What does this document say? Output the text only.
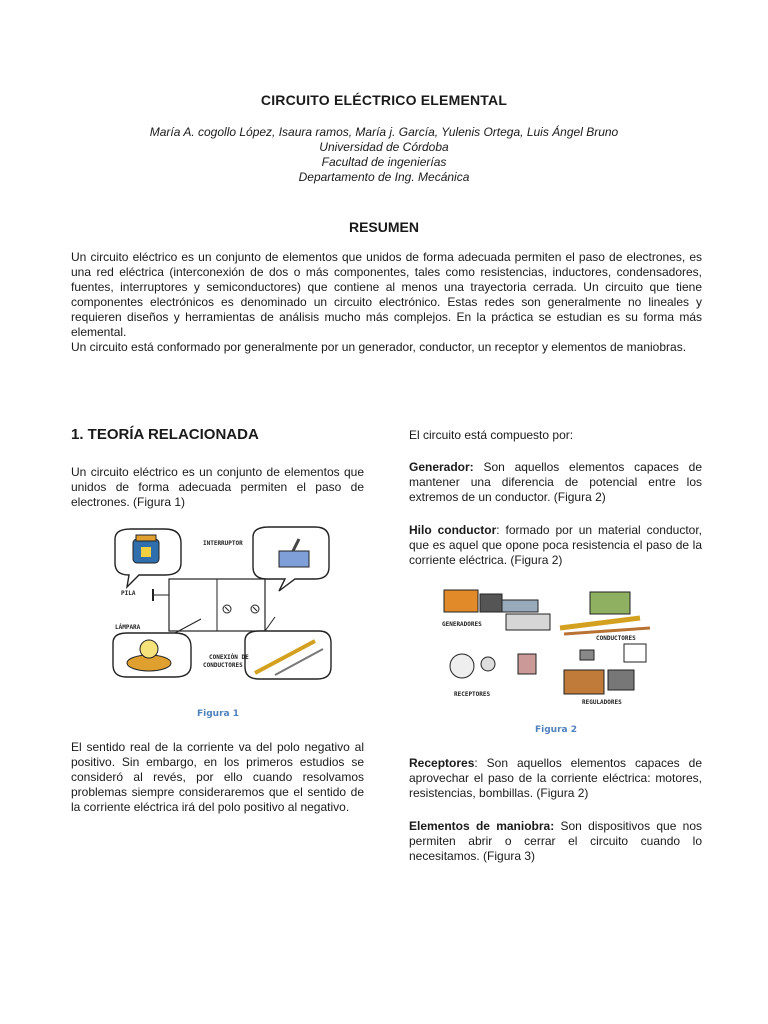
CIRCUITO ELÉCTRICO ELEMENTAL
María A. cogollo López, Isaura ramos, María j. García, Yulenis Ortega, Luis Ángel Bruno
Universidad de Córdoba
Facultad de ingenierías
Departamento de Ing. Mecánica
RESUMEN

Un circuito eléctrico es un conjunto de elementos que unidos de forma adecuada permiten el paso de electrones, es una red eléctrica (interconexión de dos o más componentes, tales como resistencias, inductores, condensadores, fuentes, interruptores y semiconductores) que contiene al menos una trayectoria cerrada. Un circuito que tiene componentes electrónicos es denominado un circuito electrónico. Estas redes son generalmente no lineales y requieren diseños y herramientas de análisis mucho más complejos. En la práctica se estudian es su forma más elemental.

Un circuito está conformado por generalmente por un generador, conductor, un receptor y elementos de maniobras.

1. TEORÍA RELACIONADA

Un circuito eléctrico es un conjunto de elementos que unidos de forma adecuada permiten el paso de electrones. (Figura 1)

INTERRUPTOR
PILA
LÁMPARA
CONEXIÓN DE
CONDUCTORES
Figura 1

El sentido real de la corriente va del polo negativo al positivo. Sin embargo, en los primeros estudios se consideró al revés, por ello cuando resolvamos problemas siempre consideraremos que el sentido de la corriente eléctrica irá del polo positivo al negativo.

El circuito está compuesto por:

Generador: Son aquellos elementos capaces de mantener una diferencia de potencial entre los extremos de un conductor. (Figura 2)

Hilo conductor: formado por un material conductor, que es aquel que opone poca resistencia el paso de la corriente eléctrica. (Figura 2)

GENERADORES
CONDUCTORES
RECEPTORES
REGULADORES
Figura 2

Receptores: Son aquellos elementos capaces de aprovechar el paso de la corriente eléctrica: motores, resistencias, bombillas. (Figura 2)

Elementos de maniobra: Son dispositivos que nos permiten abrir o cerrar el circuito cuando lo necesitamos. (Figura 3)
